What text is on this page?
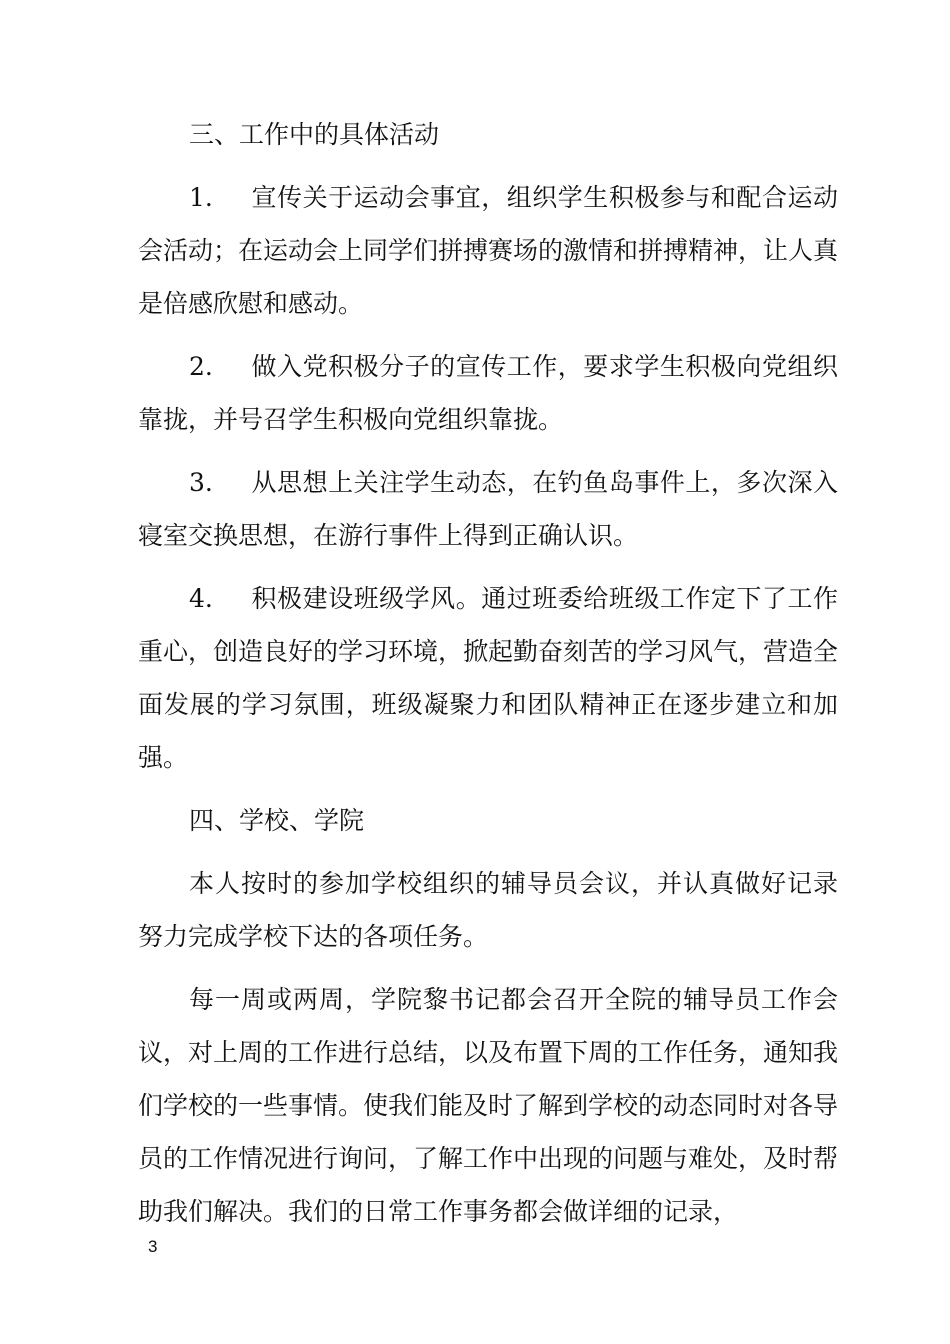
三、工作中的具体活动

1. 宣传关于运动会事宜，组织学生积极参与和配合运动会活动；在运动会上同学们拼搏赛场的激情和拼搏精神，让人真是倍感欣慰和感动。

2. 做入党积极分子的宣传工作，要求学生积极向党组织靠拢，并号召学生积极向党组织靠拢。

3. 从思想上关注学生动态，在钓鱼岛事件上，多次深入寝室交换思想，在游行事件上得到正确认识。

4. 积极建设班级学风。通过班委给班级工作定下了工作重心，创造良好的学习环境，掀起勤奋刻苦的学习风气，营造全面发展的学习氛围，班级凝聚力和团队精神正在逐步建立和加强。

四、学校、学院

本人按时的参加学校组织的辅导员会议，并认真做好记录努力完成学校下达的各项任务。

每一周或两周，学院黎书记都会召开全院的辅导员工作会议，对上周的工作进行总结，以及布置下周的工作任务，通知我们学校的一些事情。使我们能及时了解到学校的动态同时对各导员的工作情况进行询问，了解工作中出现的问题与难处，及时帮助我们解决。我们的日常工作事务都会做详细的记录，

3
